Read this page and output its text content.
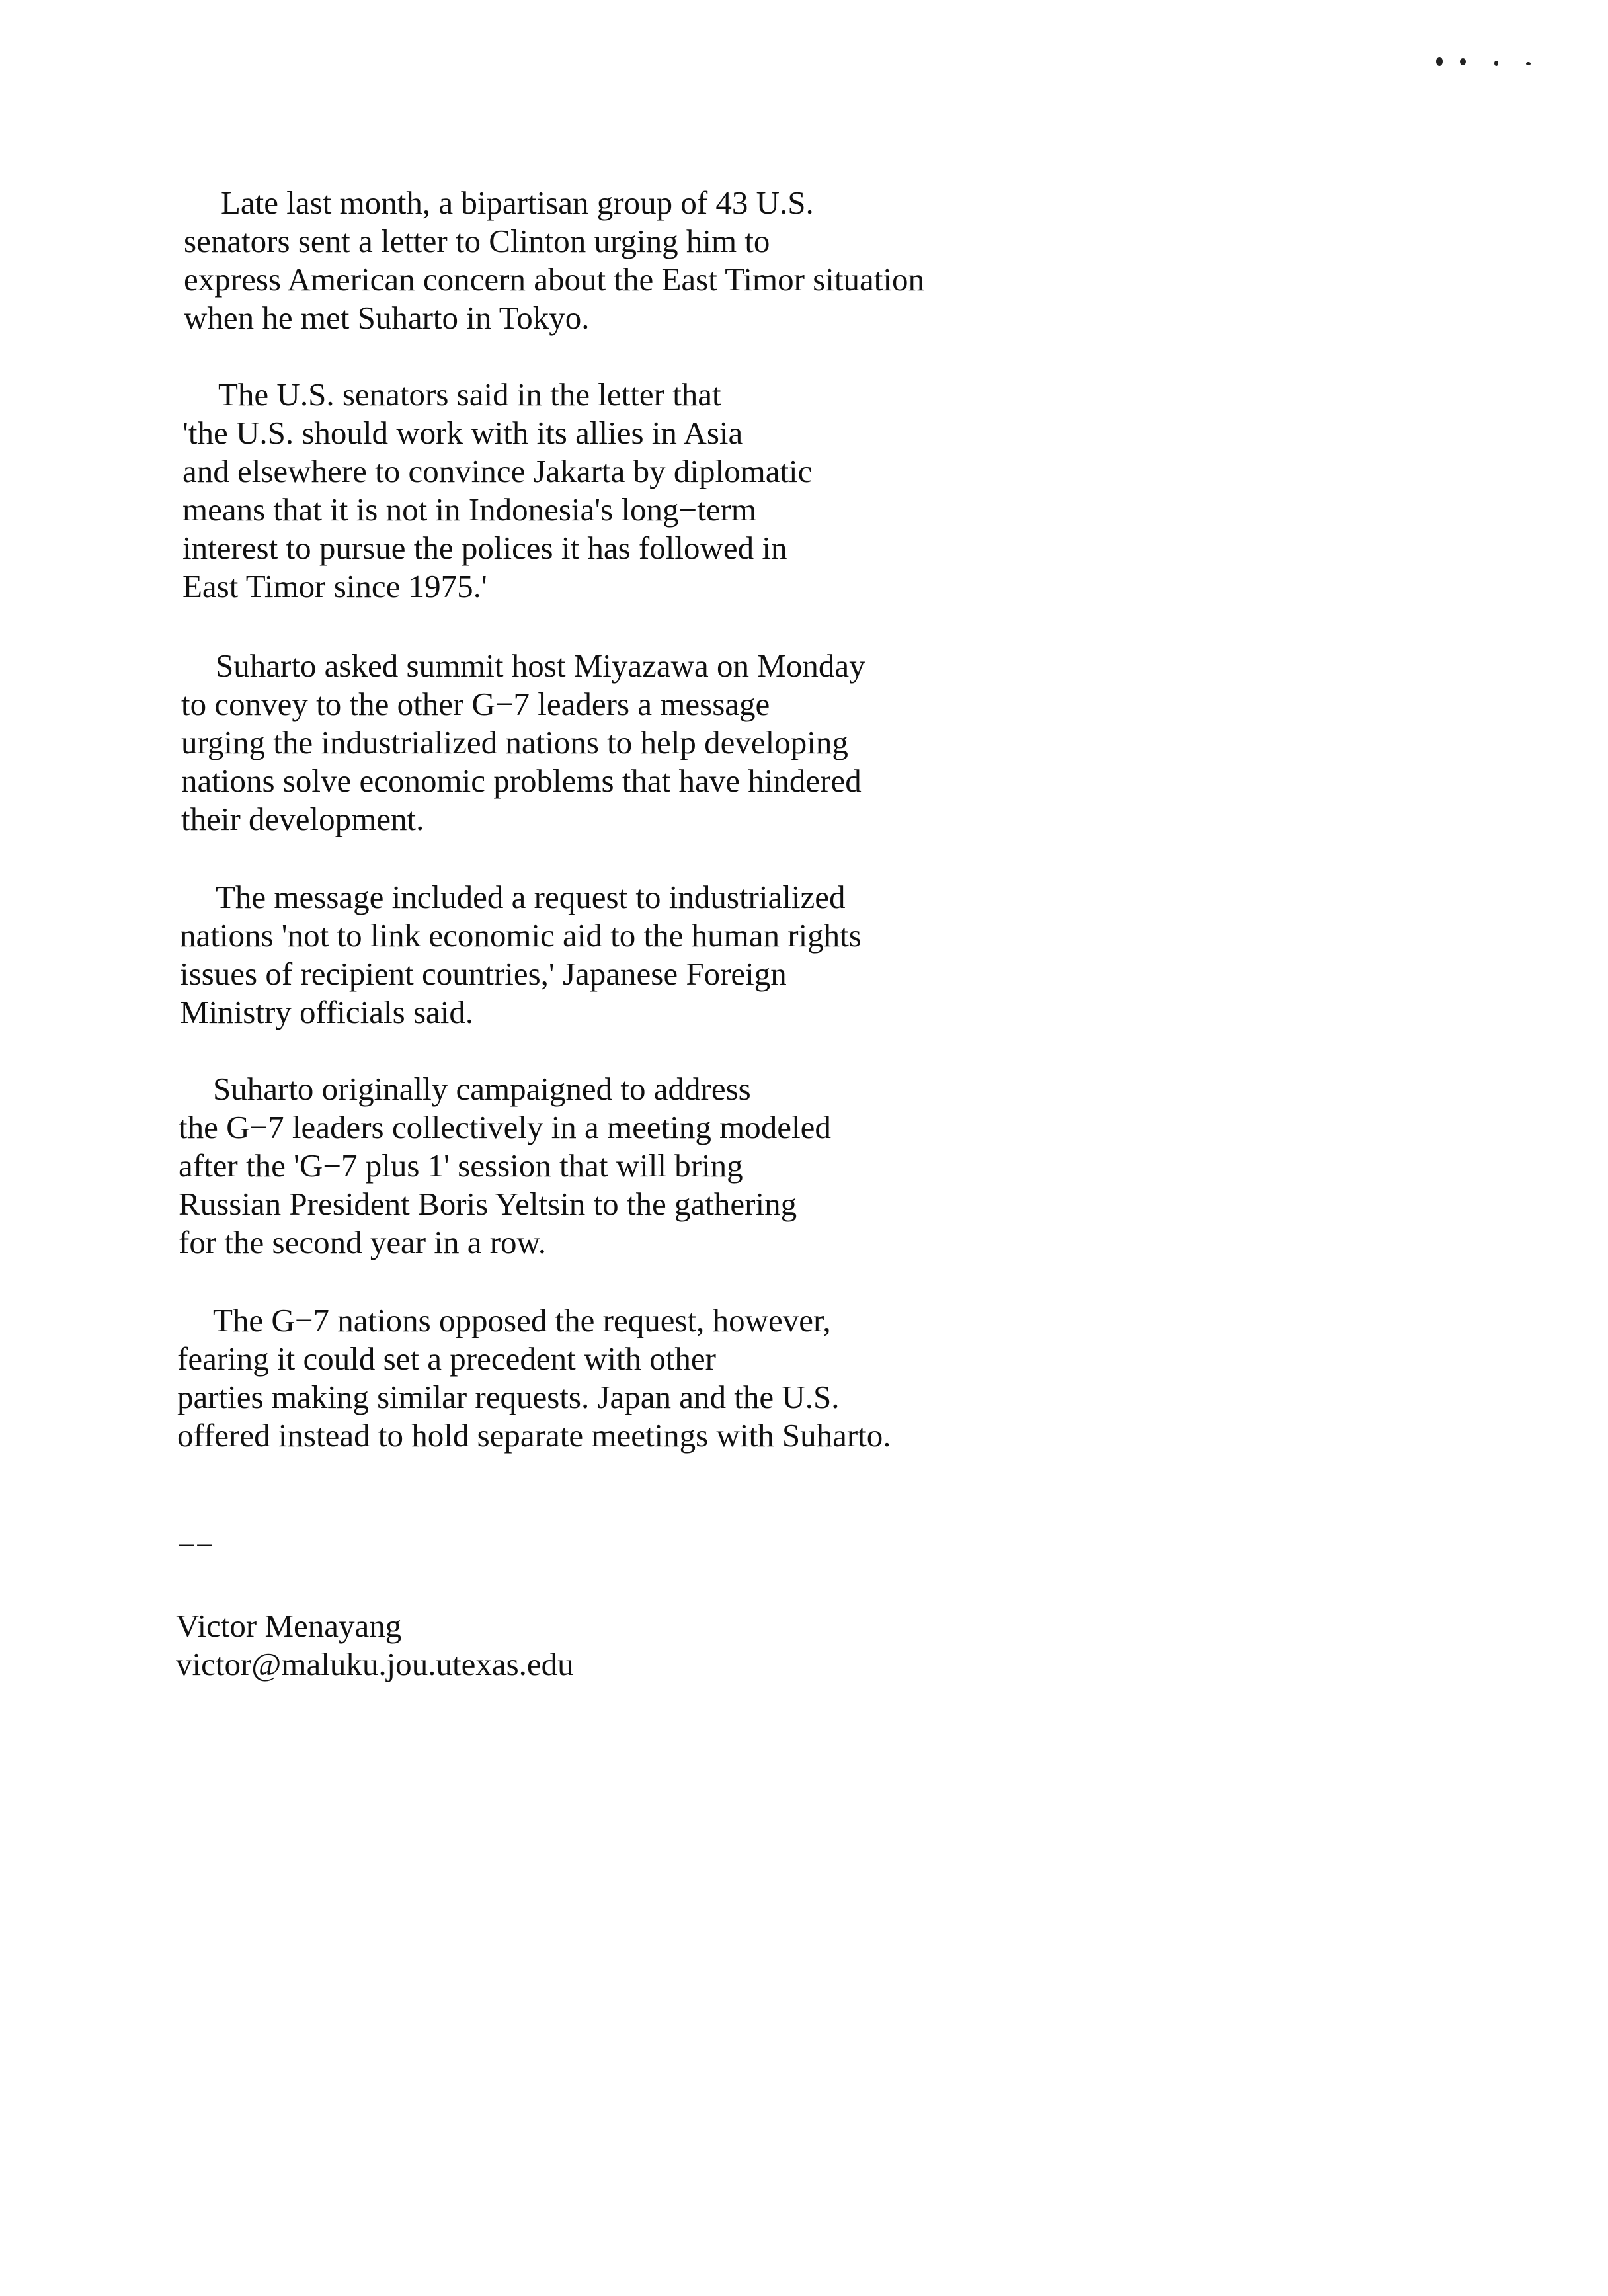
Late last month, a bipartisan group of 43 U.S.
senators sent a letter to Clinton urging him to
express American concern about the East Timor situation
when he met Suharto in Tokyo.
The U.S. senators said in the letter that
'the U.S. should work with its allies in Asia
and elsewhere to convince Jakarta by diplomatic
means that it is not in Indonesia's long−term
interest to pursue the polices it has followed in
East Timor since 1975.'
Suharto asked summit host Miyazawa on Monday
to convey to the other G−7 leaders a message
urging the industrialized nations to help developing
nations solve economic problems that have hindered
their development.
The message included a request to industrialized
nations 'not to link economic aid to the human rights
issues of recipient countries,' Japanese Foreign
Ministry officials said.
Suharto originally campaigned to address
the G−7 leaders collectively in a meeting modeled
after the 'G−7 plus 1' session that will bring
Russian President Boris Yeltsin to the gathering
for the second year in a row.
The G−7 nations opposed the request, however,
fearing it could set a precedent with other
parties making similar requests. Japan and the U.S.
offered instead to hold separate meetings with Suharto.
−−
Victor Menayang
victor@maluku.jou.utexas.edu
